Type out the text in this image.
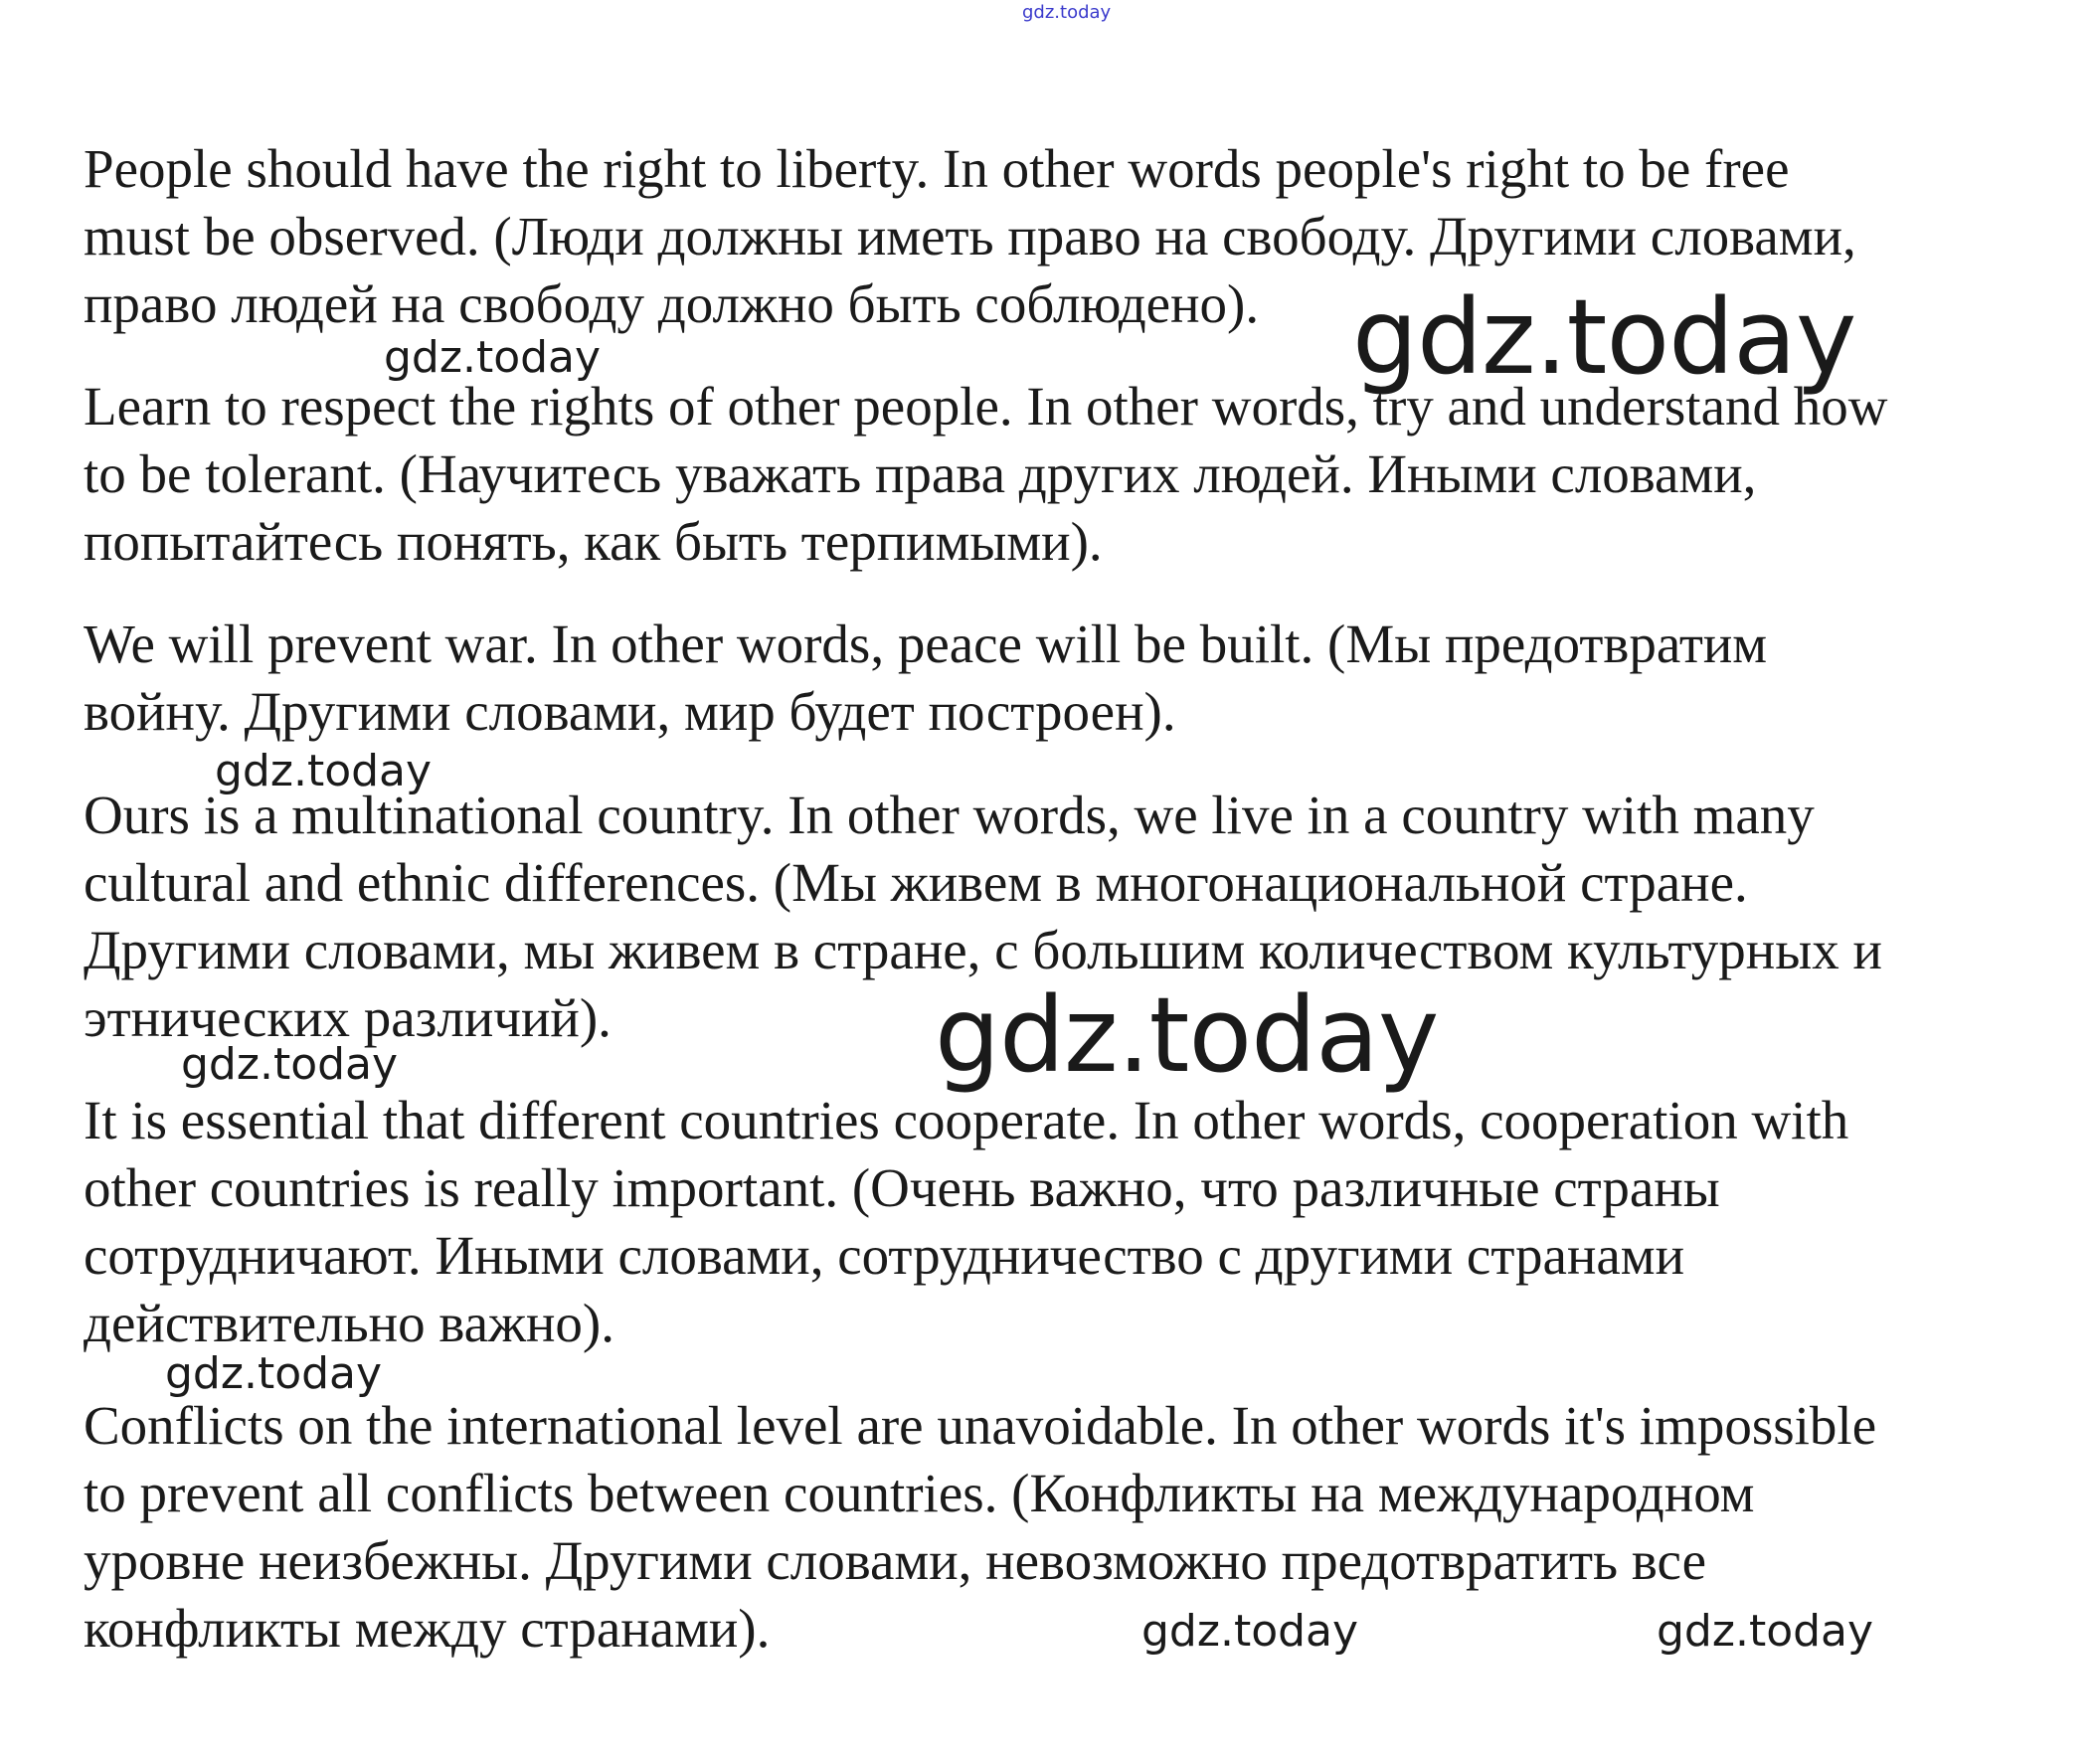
gdz.today

People should have the right to liberty. In other words people's right to be free
must be observed. (Люди должны иметь право на свободу. Другими словами,
право людей на свободу должно быть соблюдено).

Learn to respect the rights of other people. In other words, try and understand how
to be tolerant. (Научитесь уважать права других людей. Иными словами,
попытайтесь понять, как быть терпимыми).

We will prevent war. In other words, peace will be built. (Мы предотвратим
войну. Другими словами, мир будет построен).

Ours is a multinational country. In other words, we live in a country with many
cultural and ethnic differences. (Мы живем в многонациональной стране.
Другими словами, мы живем в стране, с большим количеством культурных и
этнических различий).

It is essential that different countries cooperate. In other words, cooperation with
other countries is really important. (Очень важно, что различные страны
сотрудничают. Иными словами, сотрудничество с другими странами
действительно важно).

Conflicts on the international level are unavoidable. In other words it's impossible
to prevent all conflicts between countries. (Конфликты на международном
уровне неизбежны. Другими словами, невозможно предотвратить все
конфликты между странами).

gdz.today
gdz.today
gdz.today
gdz.today
gdz.today
gdz.today
gdz.today	gdz.today
